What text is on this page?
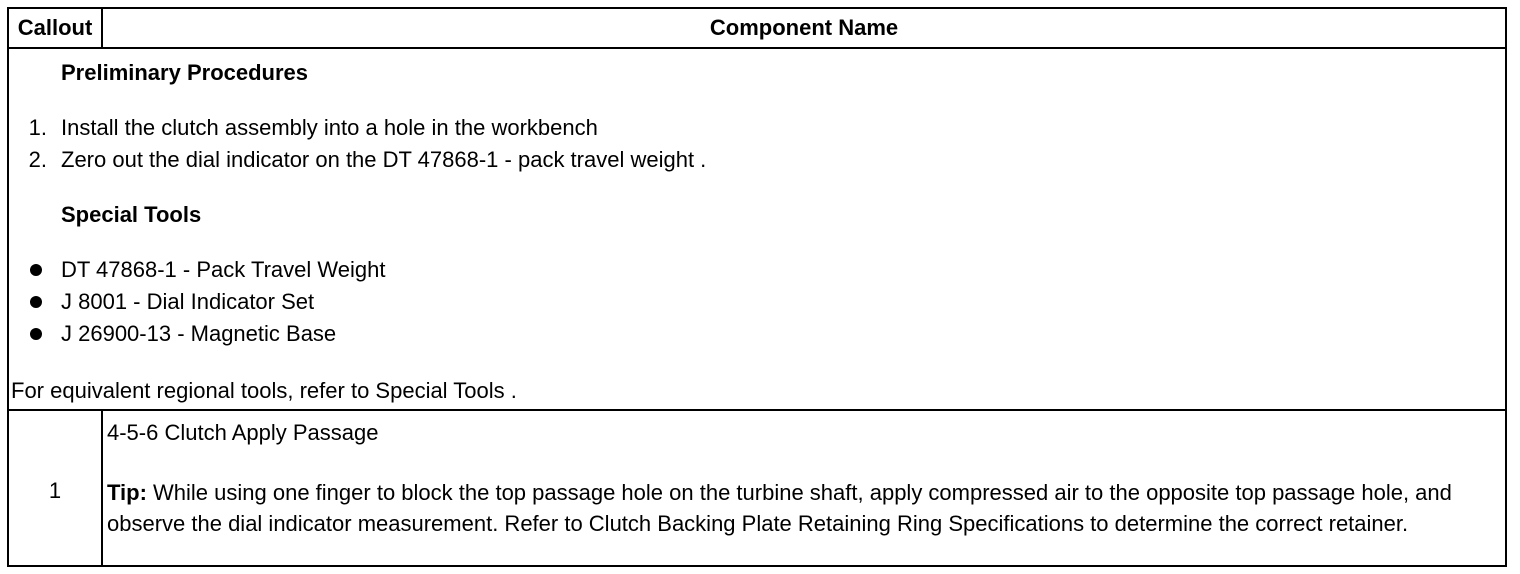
Callout	Component Name
Preliminary Procedures
1. Install the clutch assembly into a hole in the workbench
2. Zero out the dial indicator on the DT 47868-1 - pack travel weight .
Special Tools
DT 47868-1 - Pack Travel Weight
J 8001 - Dial Indicator Set
J 26900-13 - Magnetic Base
For equivalent regional tools, refer to Special Tools .
1
4-5-6 Clutch Apply Passage
Tip: While using one finger to block the top passage hole on the turbine shaft, apply compressed air to the opposite top passage hole, and observe the dial indicator measurement. Refer to Clutch Backing Plate Retaining Ring Specifications to determine the correct retainer.
